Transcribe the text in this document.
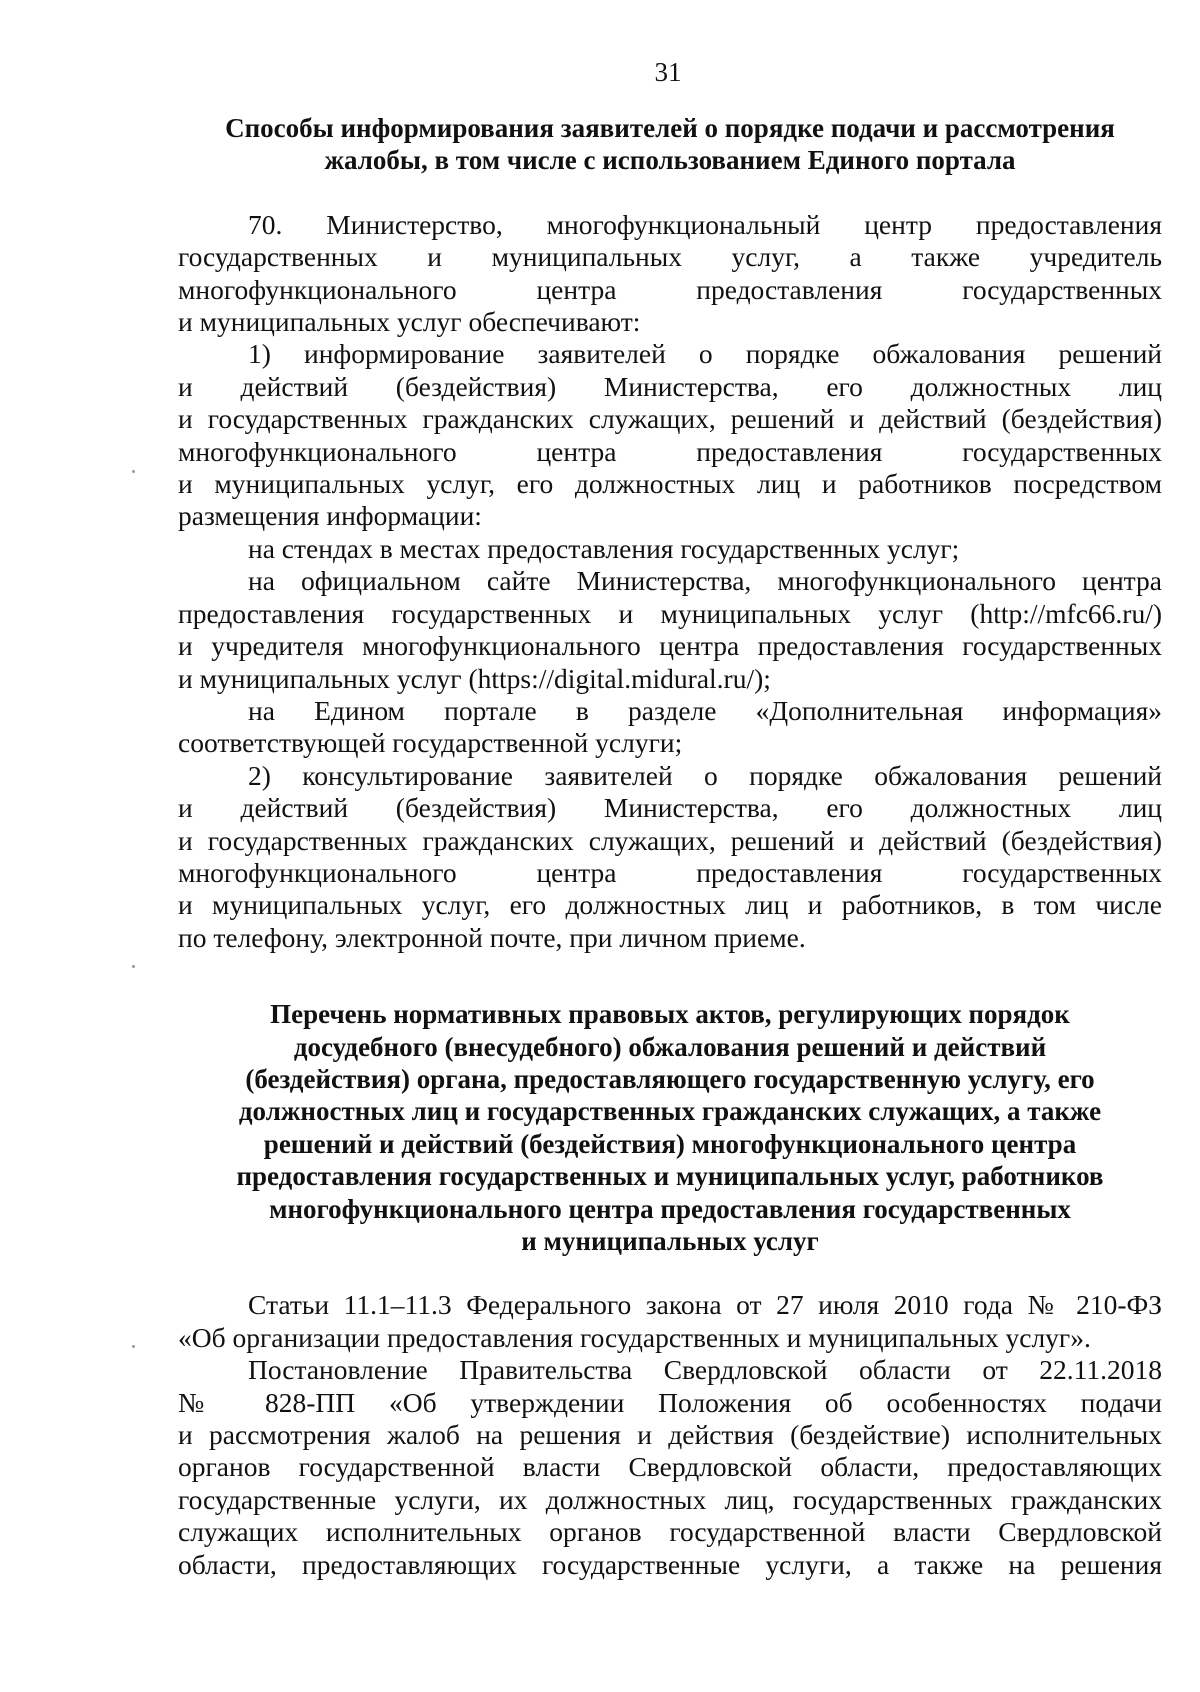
31
Способы информирования заявителей о порядке подачи и рассмотрения
жалобы, в том числе с использованием Единого портала
70. Министерство, многофункциональный центр предоставления
государственных и муниципальных услуг, а также учредитель
многофункционального центра предоставления государственных
и муниципальных услуг обеспечивают:
1) информирование заявителей о порядке обжалования решений
и действий (бездействия) Министерства, его должностных лиц
и государственных гражданских служащих, решений и действий (бездействия)
многофункционального центра предоставления государственных
и муниципальных услуг, его должностных лиц и работников посредством
размещения информации:
на стендах в местах предоставления государственных услуг;
на официальном сайте Министерства, многофункционального центра
предоставления государственных и муниципальных услуг (http://mfc66.ru/)
и учредителя многофункционального центра предоставления государственных
и муниципальных услуг (https://digital.midural.ru/);
на Едином портале в разделе «Дополнительная информация»
соответствующей государственной услуги;
2) консультирование заявителей о порядке обжалования решений
и действий (бездействия) Министерства, его должностных лиц
и государственных гражданских служащих, решений и действий (бездействия)
многофункционального центра предоставления государственных
и муниципальных услуг, его должностных лиц и работников, в том числе
по телефону, электронной почте, при личном приеме.
Перечень нормативных правовых актов, регулирующих порядок
досудебного (внесудебного) обжалования решений и действий
(бездействия) органа, предоставляющего государственную услугу, его
должностных лиц и государственных гражданских служащих, а также
решений и действий (бездействия) многофункционального центра
предоставления государственных и муниципальных услуг, работников
многофункционального центра предоставления государственных
и муниципальных услуг
Статьи 11.1–11.3 Федерального закона от 27 июля 2010 года № 210-ФЗ
«Об организации предоставления государственных и муниципальных услуг».
Постановление Правительства Свердловской области от 22.11.2018
№ 828-ПП «Об утверждении Положения об особенностях подачи
и рассмотрения жалоб на решения и действия (бездействие) исполнительных
органов государственной власти Свердловской области, предоставляющих
государственные услуги, их должностных лиц, государственных гражданских
служащих исполнительных органов государственной власти Свердловской
области, предоставляющих государственные услуги, а также на решения
